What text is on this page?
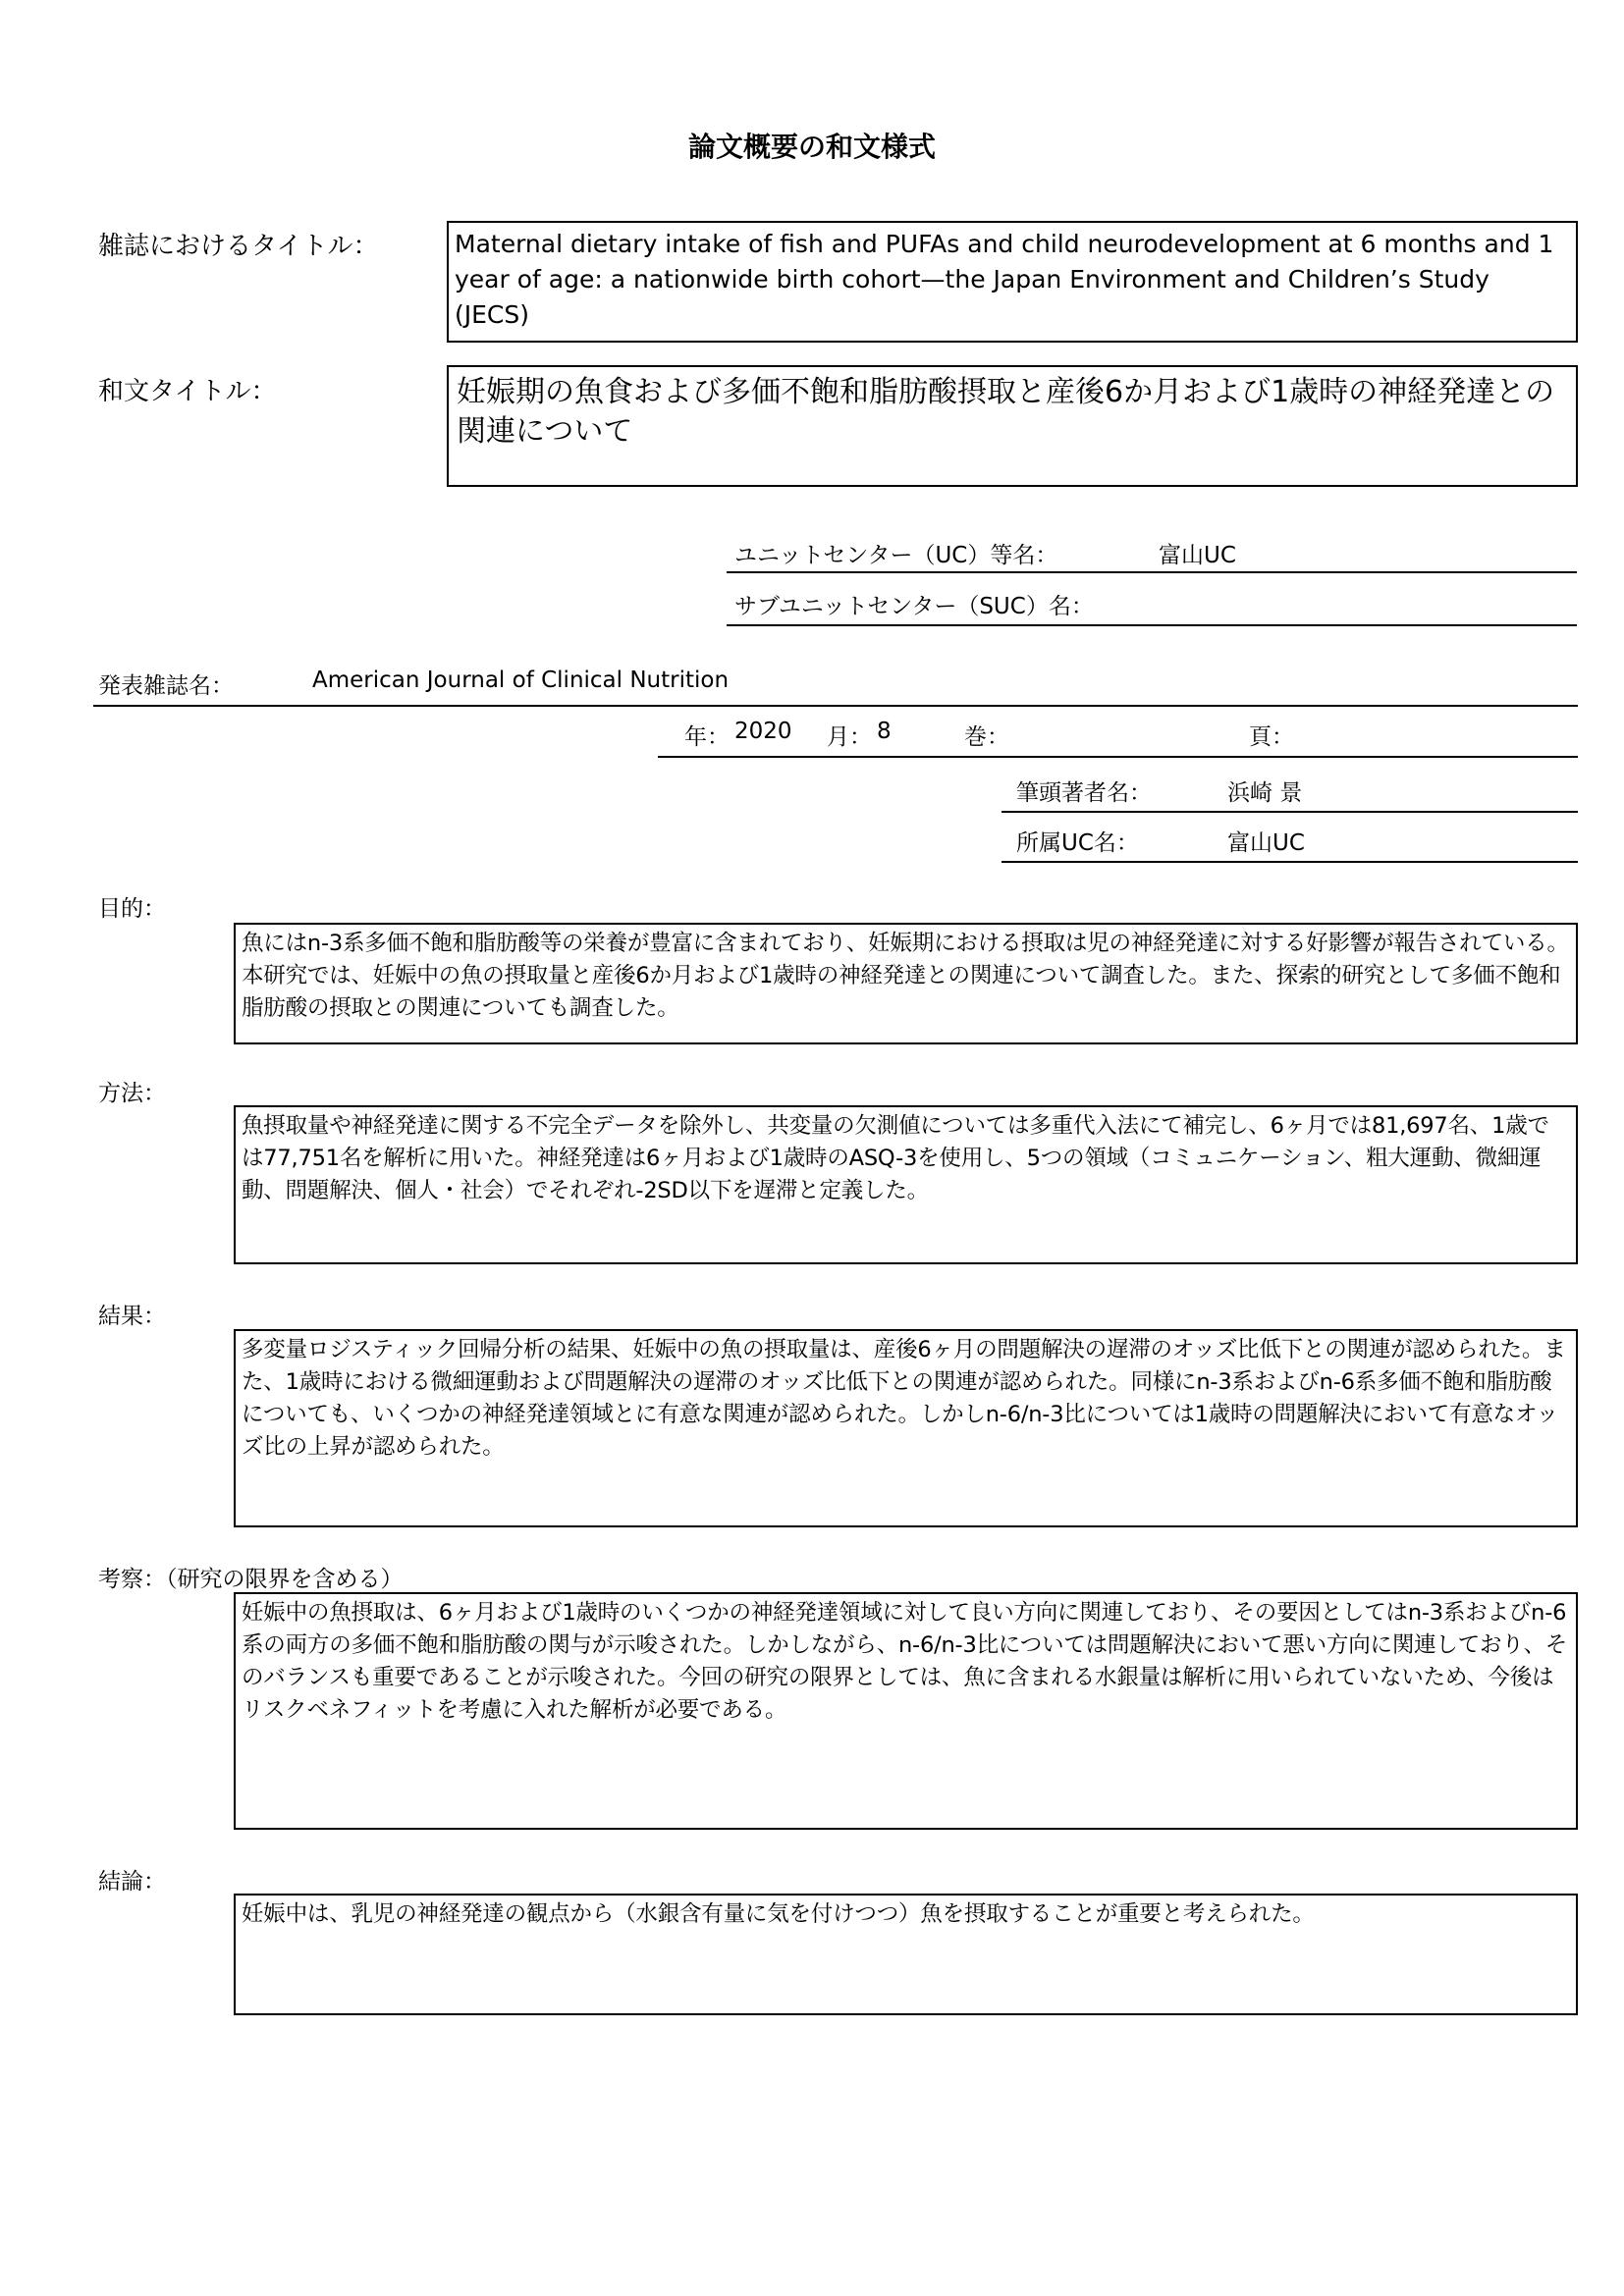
論文概要の和文様式
雑誌におけるタイトル：	Maternal dietary intake of fish and PUFAs and child neurodevelopment at 6 months and 1 year of age: a nationwide birth cohort—the Japan Environment and Children’s Study (JECS)
和文タイトル：	妊娠期の魚食および多価不飽和脂肪酸摂取と産後6か月および1歳時の神経発達との関連について
ユニットセンター（UC）等名：	富山UC
サブユニットセンター（SUC）名：
発表雑誌名：	American Journal of Clinical Nutrition
年： 2020 月： 8	巻：	頁：
筆頭著者名：	浜崎 景
所属UC名：	富山UC
目的：
魚にはn-3系多価不飽和脂肪酸等の栄養が豊富に含まれており、妊娠期における摂取は児の神経発達に対する好影響が報告されている。本研究では、妊娠中の魚の摂取量と産後6か月および1歳時の神経発達との関連について調査した。また、探索的研究として多価不飽和脂肪酸の摂取との関連についても調査した。
方法：
魚摂取量や神経発達に関する不完全データを除外し、共変量の欠測値については多重代入法にて補完し、6ヶ月では81,697名、1歳では77,751名を解析に用いた。神経発達は6ヶ月および1歳時のASQ-3を使用し、5つの領域（コミュニケーション、粗大運動、微細運動、問題解決、個人・社会）でそれぞれ-2SD以下を遅滞と定義した。
結果：
多変量ロジスティック回帰分析の結果、妊娠中の魚の摂取量は、産後6ヶ月の問題解決の遅滞のオッズ比低下との関連が認められた。また、1歳時における微細運動および問題解決の遅滞のオッズ比低下との関連が認められた。同様にn-3系およびn-6系多価不飽和脂肪酸についても、いくつかの神経発達領域とに有意な関連が認められた。しかしn-6/n-3比については1歳時の問題解決において有意なオッズ比の上昇が認められた。
考察：（研究の限界を含める）
妊娠中の魚摂取は、6ヶ月および1歳時のいくつかの神経発達領域に対して良い方向に関連しており、その要因としてはn-3系およびn-6系の両方の多価不飽和脂肪酸の関与が示唆された。しかしながら、n-6/n-3比については問題解決において悪い方向に関連しており、そのバランスも重要であることが示唆された。今回の研究の限界としては、魚に含まれる水銀量は解析に用いられていないため、今後はリスクベネフィットを考慮に入れた解析が必要である。
結論：
妊娠中は、乳児の神経発達の観点から（水銀含有量に気を付けつつ）魚を摂取することが重要と考えられた。
